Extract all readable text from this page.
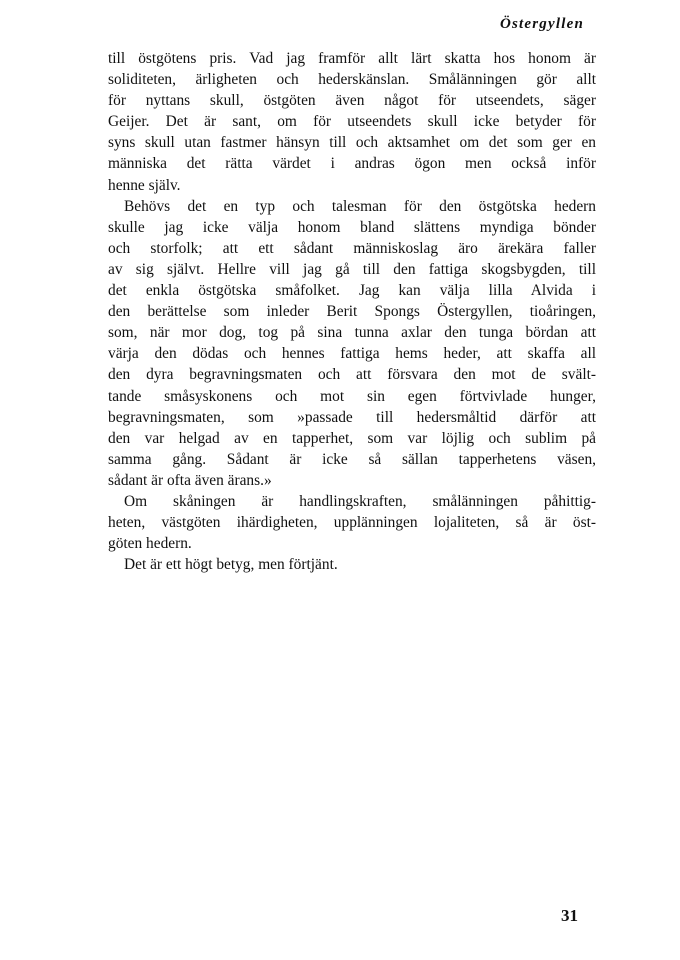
Östergyllen
till östgötens pris. Vad jag framför allt lärt skatta hos honom är
soliditeten, ärligheten och hederskänslan. Smålänningen gör allt
för nyttans skull, östgöten även något för utseendets, säger
Geijer. Det är sant, om för utseendets skull icke betyder för
syns skull utan fastmer hänsyn till och aktsamhet om det som ger en
människa det rätta värdet i andras ögon men också inför
henne själv.
Behövs det en typ och talesman för den östgötska hedern
skulle jag icke välja honom bland slättens myndiga bönder
och storfolk; att ett sådant människoslag äro ärekära faller
av sig självt. Hellre vill jag gå till den fattiga skogsbygden, till
det enkla östgötska småfolket. Jag kan välja lilla Alvida i
den berättelse som inleder Berit Spongs Östergyllen, tioåringen,
som, när mor dog, tog på sina tunna axlar den tunga bördan att
värja den dödas och hennes fattiga hems heder, att skaffa all
den dyra begravningsmaten och att försvara den mot de svält-
tande småsyskonens och mot sin egen förtvivlade hunger,
begravningsmaten, som »passade till hedersmåltid därför att
den var helgad av en tapperhet, som var löjlig och sublim på
samma gång. Sådant är icke så sällan tapperhetens väsen,
sådant är ofta även ärans.»
Om skåningen är handlingskraften, smålänningen påhittig-
heten, västgöten ihärdigheten, upplänningen lojaliteten, så är öst-
göten hedern.
Det är ett högt betyg, men förtjänt.
31
